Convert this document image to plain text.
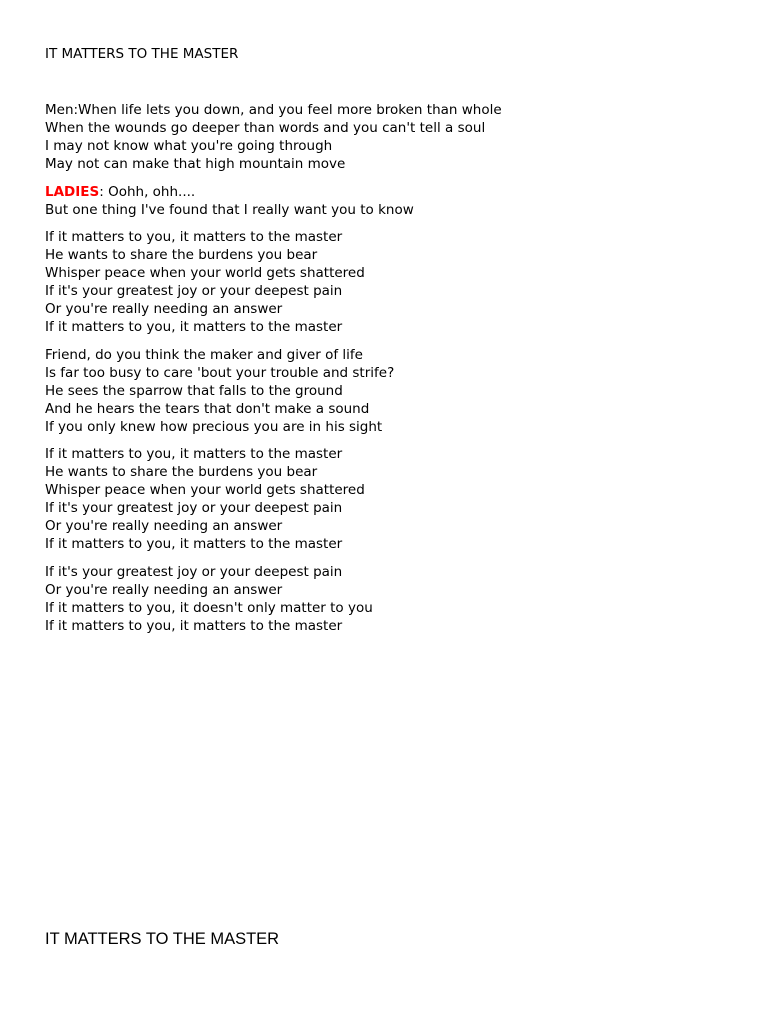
IT MATTERS TO THE MASTER
Men:When life lets you down, and you feel more broken than whole
When the wounds go deeper than words and you can't tell a soul
I may not know what you're going through
May not can make that high mountain move
LADIES: Oohh, ohh....
But one thing I've found that I really want you to know
If it matters to you, it matters to the master
He wants to share the burdens you bear
Whisper peace when your world gets shattered
If it's your greatest joy or your deepest pain
Or you're really needing an answer
If it matters to you, it matters to the master
Friend, do you think the maker and giver of life
Is far too busy to care 'bout your trouble and strife?
He sees the sparrow that falls to the ground
And he hears the tears that don't make a sound
If you only knew how precious you are in his sight
If it matters to you, it matters to the master
He wants to share the burdens you bear
Whisper peace when your world gets shattered
If it's your greatest joy or your deepest pain
Or you're really needing an answer
If it matters to you, it matters to the master
If it's your greatest joy or your deepest pain
Or you're really needing an answer
If it matters to you, it doesn't only matter to you
If it matters to you, it matters to the master
IT MATTERS TO THE MASTER
